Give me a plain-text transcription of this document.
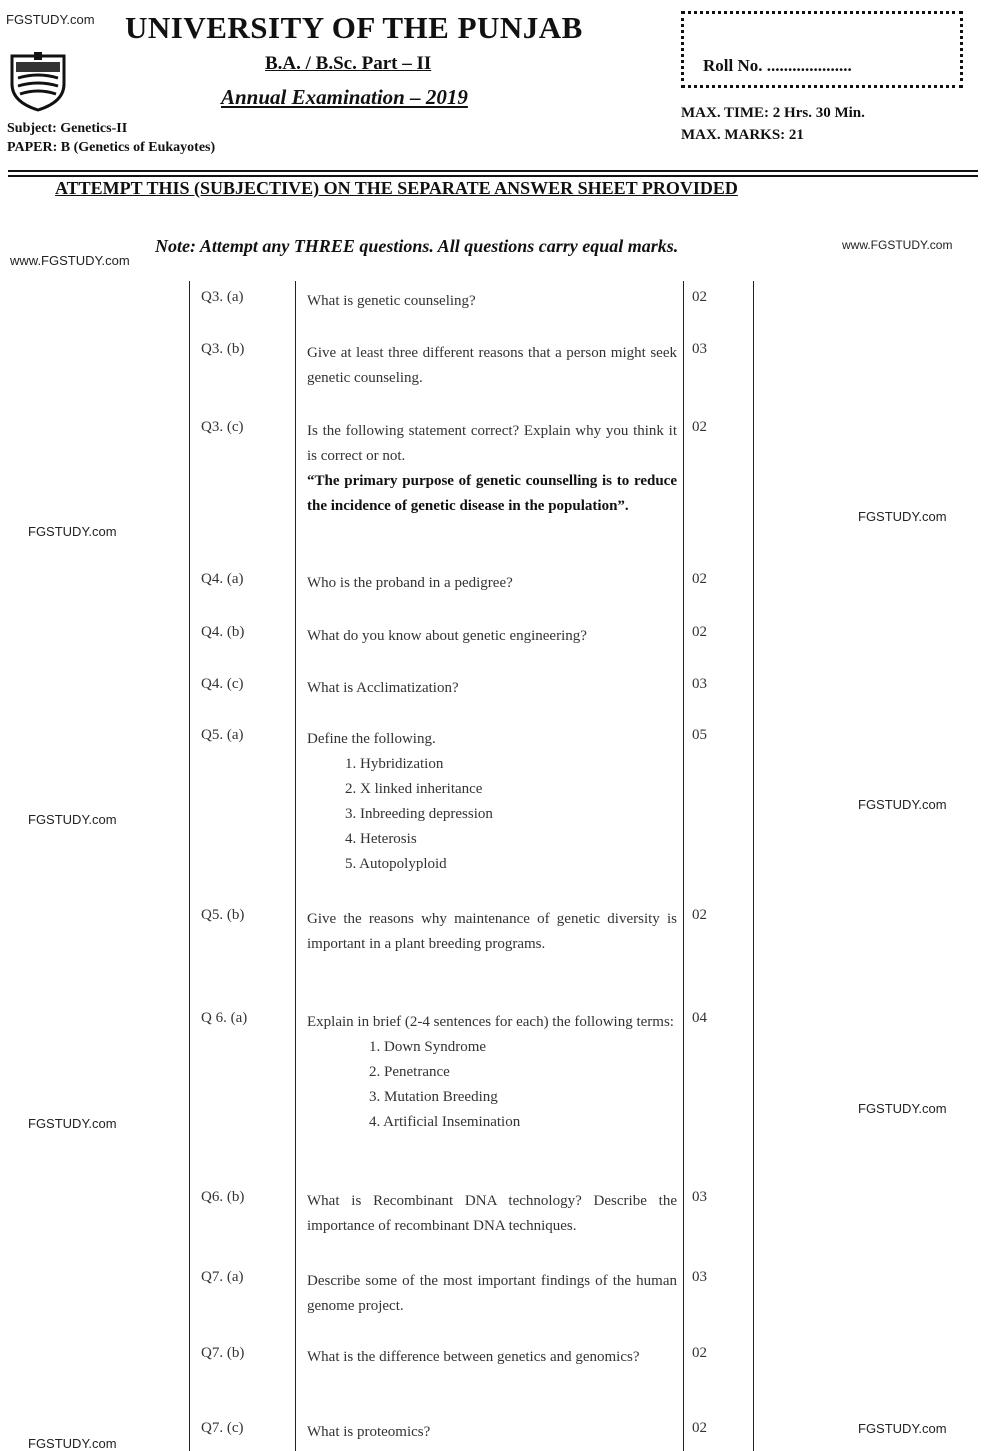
FGSTUDY.com
www.FGSTUDY.com
www.FGSTUDY.com
FGSTUDY.com
FGSTUDY.com
FGSTUDY.com
FGSTUDY.com
FGSTUDY.com
FGSTUDY.com
FGSTUDY.com
FGSTUDY.com
UNIVERSITY OF THE PUNJAB
B.A. / B.Sc. Part – II
Annual Examination – 2019
Roll No. ....................
Subject: Genetics-II
PAPER: B (Genetics of Eukayotes)
MAX. TIME: 2 Hrs. 30 Min.
MAX. MARKS: 21
ATTEMPT THIS (SUBJECTIVE) ON THE SEPARATE ANSWER SHEET PROVIDED
Note: Attempt any THREE questions. All questions carry equal marks.
Q3. (a)	What is genetic counseling?	02
Q3. (b)	Give at least three different reasons that a person might seek genetic counseling.
03
Q3. (c)	Is the following statement correct? Explain why you think it is correct or not.
“The primary purpose of genetic counselling is to reduce the incidence of genetic disease in the population”.
02
Q4. (a)	Who is the proband in a pedigree?	02
Q4. (b)	What do you know about genetic engineering?	02
Q4. (c)	What is Acclimatization?	03
Q5. (a)	Define the following.
1. Hybridization
2. X linked inheritance
3. Inbreeding depression
4. Heterosis
5. Autopolyploid
05
Q5. (b)	Give the reasons why maintenance of genetic diversity is important in a plant breeding programs.
02
Q 6. (a)	Explain in brief (2-4 sentences for each) the following terms:
1. Down Syndrome
2. Penetrance
3. Mutation Breeding
4. Artificial Insemination
04
Q6. (b)	What is Recombinant DNA technology? Describe the importance of recombinant DNA techniques.
03
Q7. (a)	Describe some of the most important findings of the human genome project.
03
Q7. (b)	What is the difference between genetics and genomics?	02
Q7. (c)	What is proteomics?	02
